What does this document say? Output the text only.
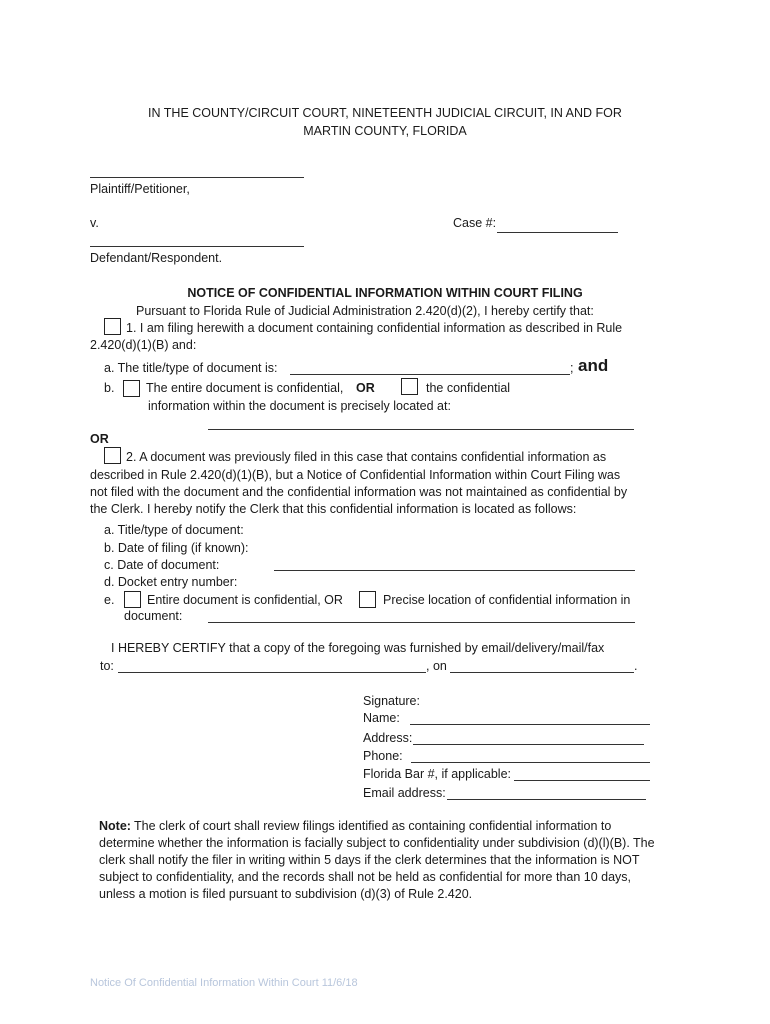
IN THE COUNTY/CIRCUIT COURT, NINETEENTH JUDICIAL CIRCUIT, IN AND FOR
MARTIN COUNTY, FLORIDA
Plaintiff/Petitioner,
v.	Case #:
Defendant/Respondent.
NOTICE OF CONFIDENTIAL INFORMATION WITHIN COURT FILING
Pursuant to Florida Rule of Judicial Administration 2.420(d)(2), I hereby certify that:
1. I am filing herewith a document containing confidential information as described in Rule
2.420(d)(1)(B) and:
a. The title/type of document is:	; and
b.	The entire document is confidential, OR	the confidential
information within the document is precisely located at:
OR
2. A document was previously filed in this case that contains confidential information as
described in Rule 2.420(d)(1)(B), but a Notice of Confidential Information within Court Filing was
not filed with the document and the confidential information was not maintained as confidential by
the Clerk. I hereby notify the Clerk that this confidential information is located as follows:
a. Title/type of document:
b. Date of filing (if known):
c. Date of document:
d. Docket entry number:
e.	Entire document is confidential, OR	Precise location of confidential information in
document:
I HEREBY CERTIFY that a copy of the foregoing was furnished by email/delivery/mail/fax
to:	, on	.
Signature:
Name:
Address:
Phone:
Florida Bar #, if applicable:
Email address:
Note: The clerk of court shall review filings identified as containing confidential information to
determine whether the information is facially subject to confidentiality under subdivision (d)(l)(B). The
clerk shall notify the filer in writing within 5 days if the clerk determines that the information is NOT
subject to confidentiality, and the records shall not be held as confidential for more than 10 days,
unless a motion is filed pursuant to subdivision (d)(3) of Rule 2.420.
Notice Of Confidential Information Within Court 11/6/18
